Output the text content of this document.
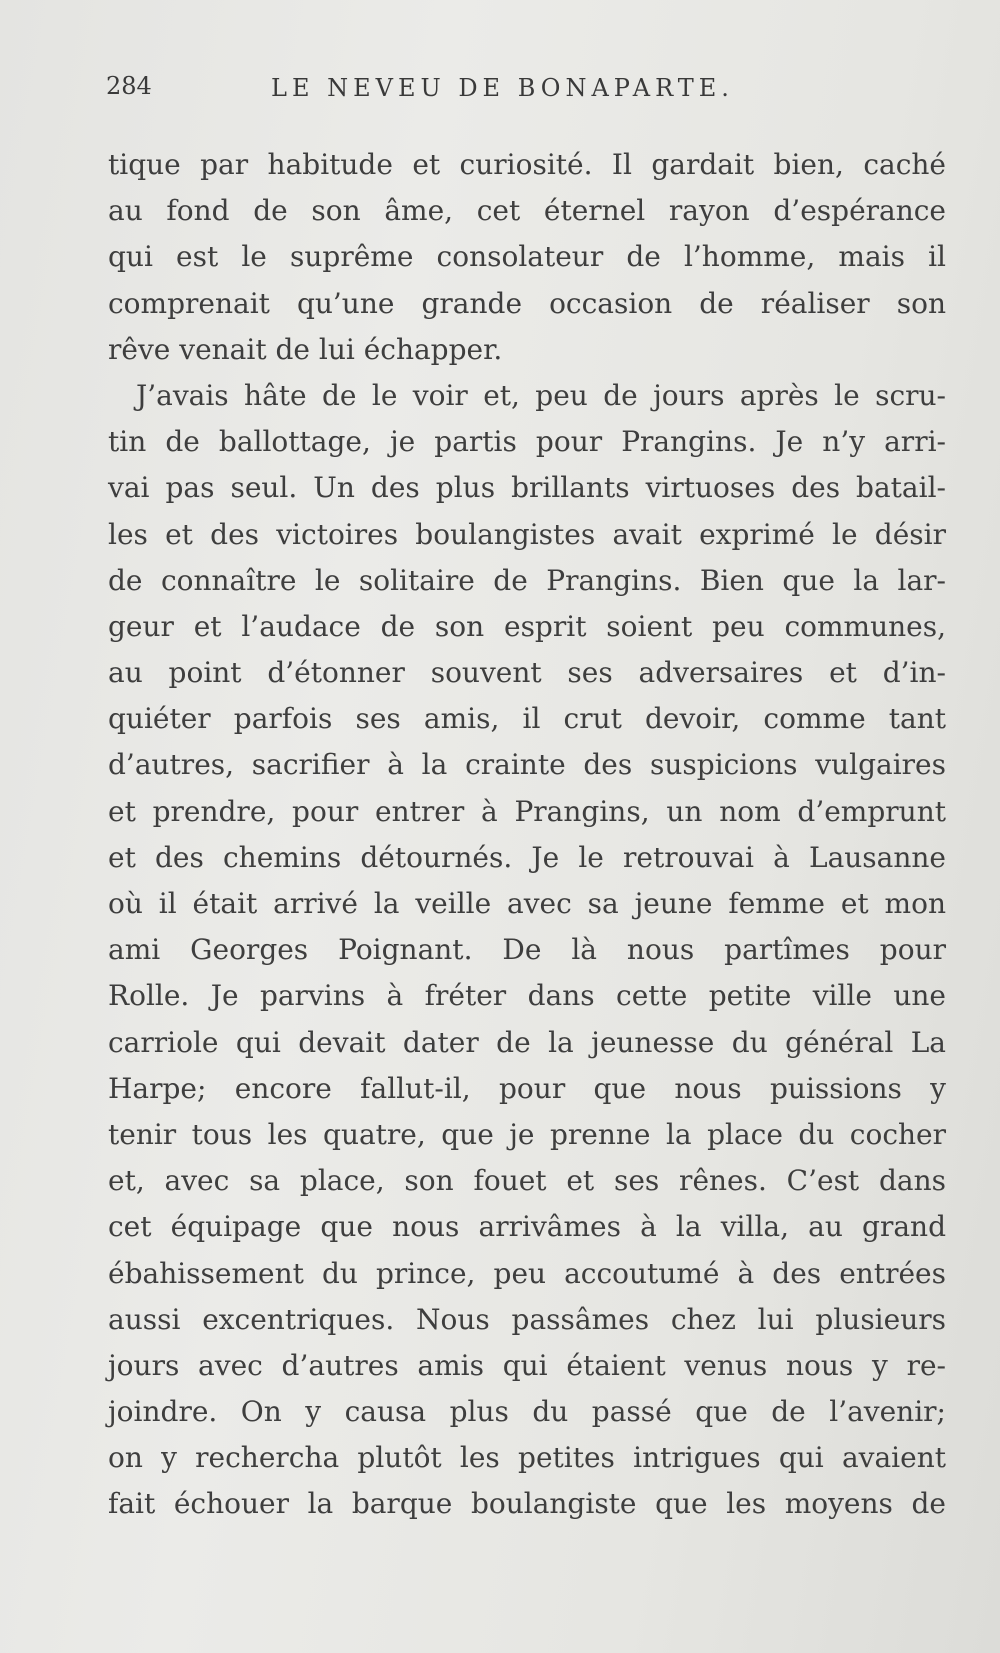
284	LE NEVEU DE BONAPARTE.
tique par habitude et curiosité. Il gardait bien, caché
au fond de son âme, cet éternel rayon d’espérance
qui est le suprême consolateur de l’homme, mais il
comprenait qu’une grande occasion de réaliser son
rêve venait de lui échapper.
J’avais hâte de le voir et, peu de jours après le scru-
tin de ballottage, je partis pour Prangins. Je n’y arri-
vai pas seul. Un des plus brillants virtuoses des batail-
les et des victoires boulangistes avait exprimé le désir
de connaître le solitaire de Prangins. Bien que la lar-
geur et l’audace de son esprit soient peu communes,
au point d’étonner souvent ses adversaires et d’in-
quiéter parfois ses amis, il crut devoir, comme tant
d’autres, sacrifier à la crainte des suspicions vulgaires
et prendre, pour entrer à Prangins, un nom d’emprunt
et des chemins détournés. Je le retrouvai à Lausanne
où il était arrivé la veille avec sa jeune femme et mon
ami Georges Poignant. De là nous partîmes pour
Rolle. Je parvins à fréter dans cette petite ville une
carriole qui devait dater de la jeunesse du général La
Harpe; encore fallut-il, pour que nous puissions y
tenir tous les quatre, que je prenne la place du cocher
et, avec sa place, son fouet et ses rênes. C’est dans
cet équipage que nous arrivâmes à la villa, au grand
ébahissement du prince, peu accoutumé à des entrées
aussi excentriques. Nous passâmes chez lui plusieurs
jours avec d’autres amis qui étaient venus nous y re-
joindre. On y causa plus du passé que de l’avenir;
on y rechercha plutôt les petites intrigues qui avaient
fait échouer la barque boulangiste que les moyens de
